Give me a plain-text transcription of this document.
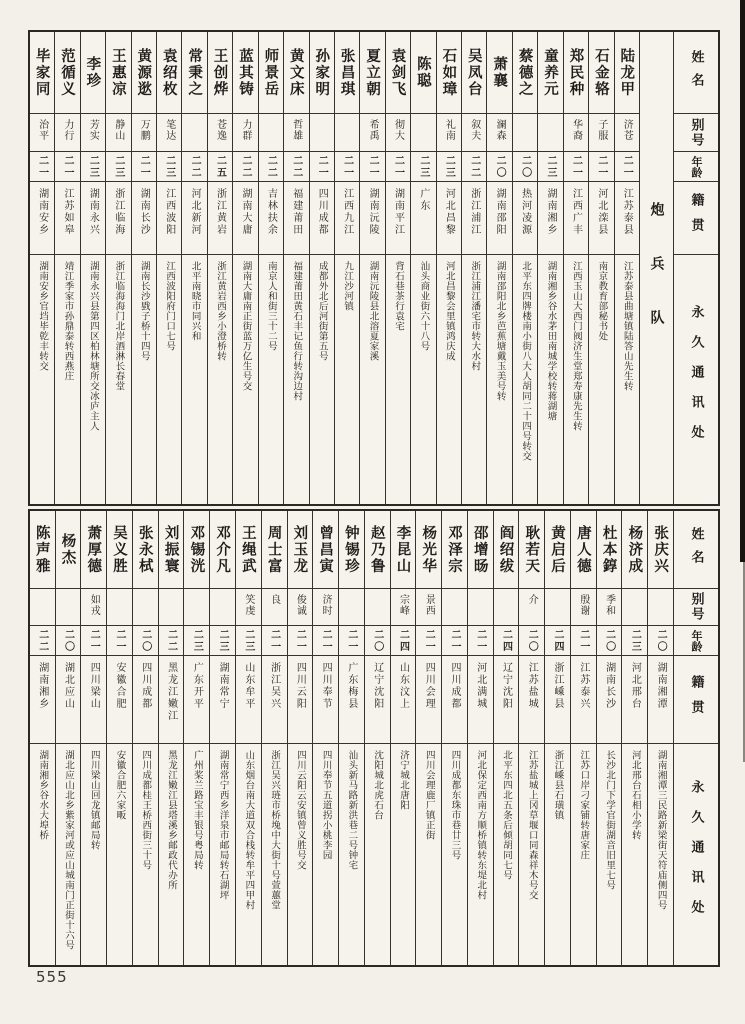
姓名
别号
年龄
籍贯
永久通讯处
炮兵队
陆龙甲
济苍
二一
江苏泰县
江苏泰县曲塘镇陆答山先生转
石金辂
子服
二一
河北滦县
南京教育部秘书处
郑民种
华裔
二一
江西广丰
江西玉山大西门阀济生堂郑寿康先生转
童养元
二三
湖南湘乡
湖南湘乡谷水茅田南城学校转蒋湖塘
蔡德之
二〇
热河凌源
北平东四牌楼南小街八大人胡同二十四号转交
萧襄
澜森
二〇
湖南邵阳
湖南邵阳北乡芭蕉塘戴玉美号转
吴凤台
叙夫
二二
浙江浦江
浙江浦江潘宅市转大水村
石如璋
礼南
二三
河北昌黎
河北昌黎会里镇鸿庆成
陈聪
二三
广东
汕头商业街六十八号
袁剑飞
彻大
二一
湖南平江
背石巷茶行袁宅
夏立朝
希禹
二一
湖南沅陵
湖南沅陵县北溶夏家溪
张昌琪
二一
江西九江
九江沙河镇
孙家明
二一
四川成都
成都外北后河街第五号
黄文床
哲雄
二二
福建莆田
福建莆田黄石丰记鱼行转沟边村
师景岳
二二
吉林扶余
南京人和街三十二号
蓝其铸
力群
二二
湖南大庸
湖南大庸南正街蓝万亿生号交
王创烨
苍逸
二五
浙江黄岩
浙江黄岩西乡小澄桥转
常秉之
二二
河北新河
北平南晓市同兴和
袁绍枚
笔达
二三
江西波阳
江西波阳府门口七号
黄源逖
万鹏
二一
湖南长沙
湖南长沙戥子桥十四号
王惠凉
静山
二三
浙江临海
浙江临海海门北岸酒淋长春堂
李珍
芳实
二三
湖南永兴
湖南永兴县第四区柏林塘所交冰庐主人
范循义
力行
二一
江苏如皋
靖江季家市孙鼎泰转西燕庄
毕家同
治平
二一
湖南安乡
湖南安乡官垱毕乾丰转交
姓名
别号
年龄
籍贯
永久通讯处
张庆兴
二〇
湖南湘潭
湖南湘潭三民路新梁街天符庙侧四号
杨济成
二三
河北邢台
河北邢台石相小学转
杜本錞
季和
二〇
湖南长沙
长沙北门下学官街湖音旧里七号
唐人德
殷谢
二一
江苏泰兴
江苏口岸刁家铺转唐家庄
黄启后
二四
浙江嵊县
浙江嵊县石璜镇
耿若天
介
二〇
江苏盐城
江苏盐城上冈草堰口同森祥木号交
阎绍绂
二四
辽宁沈阳
北平东四北五条后倾胡同七号
邵增旸
二一
河北满城
河北保定西南方顺桥镇转东堤北村
邓泽宗
二一
四川成都
四川成都东珠市巷廿三号
杨光华
景西
二一
四川会理
四川会理鹿厂镇正街
李昆山
宗峰
二四
山东汶上
济宁城北唐阳
赵乃鲁
二〇
辽宁沈阳
沈阳城北虎石台
钟锡珍
二一
广东梅县
汕头新马路新洪巷二号钟宅
曾昌寅
济时
二一
四川奉节
四川奉节五道拐小桃李园
刘玉龙
俊诚
二一
四川云阳
四川云阳云安镇曾义胜号交
周士富
良
二一
浙江吴兴
浙江吴兴琏市桥堍中大街十号萱蕙堂
王绳武
笑虔
二三
山东牟平
山东烟台南大道双合栈转牟平四甲村
邓介凡
二三
湖南常宁
湖南常宁西乡洋泉市邮局转石湖坪
邓锡洸
二三
广东开平
广州桨兰路宝丰银号粤局转
刘振寰
二二
黑龙江嫩江
黑龙江嫩江县塔溪乡邮政代办所
张永栻
二〇
四川成都
四川成都桂王桥西街三十号
吴义胜
二一
安徽合肥
安徽合肥六家畈
萧厚德
如戎
二一
四川梁山
四川梁山回龙镇邮局转
杨杰
二〇
湖北应山
湖北应山北乡紫家河或应山城南门正街十六号
陈声雅
二二
湖南湘乡
湖南湘乡谷水大埠桥
555
